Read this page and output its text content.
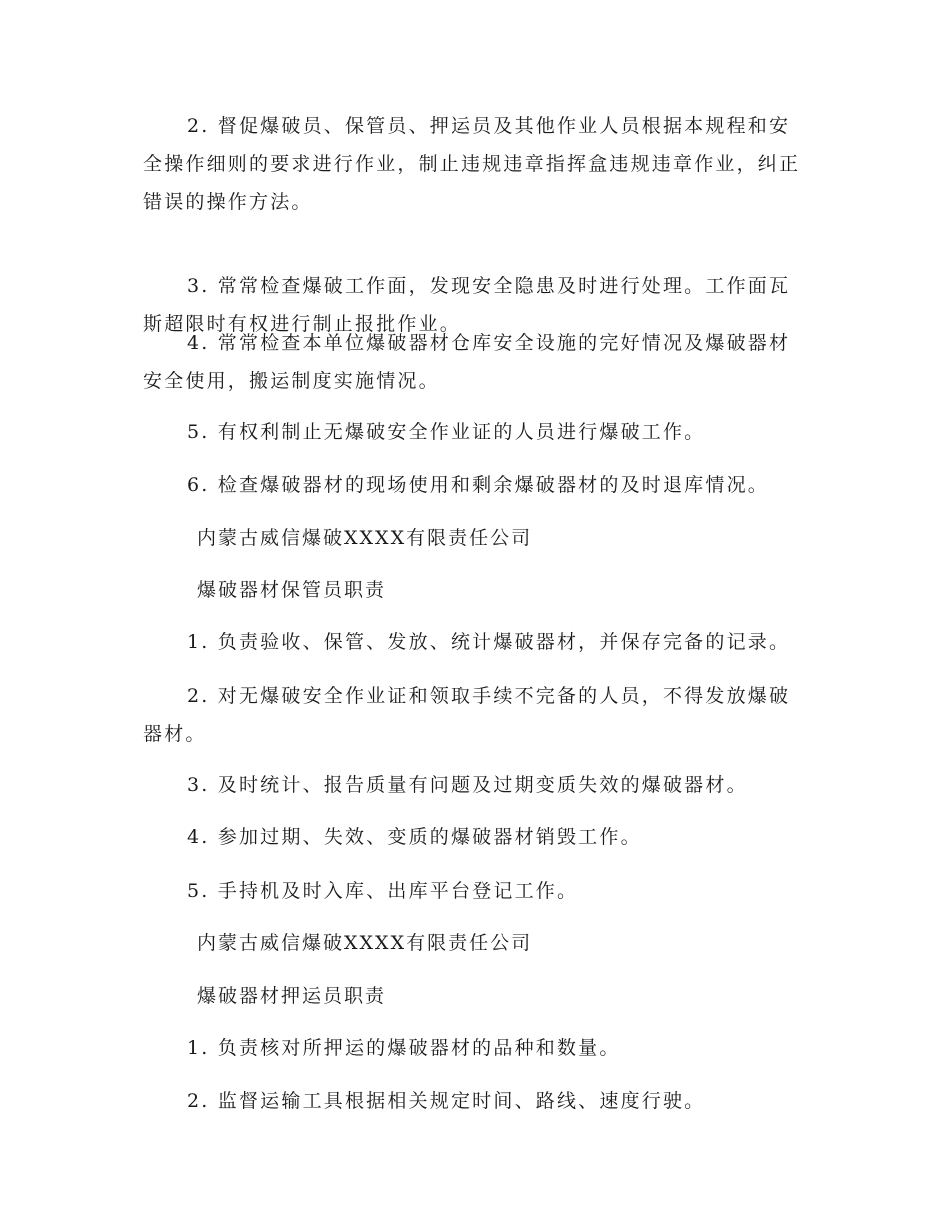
2. 督促爆破员、保管员、押运员及其他作业人员根据本规程和安全操作细则的要求进行作业，制止违规违章指挥盒违规违章作业，纠正错误的操作方法。

3. 常常检查爆破工作面，发现安全隐患及时进行处理。工作面瓦斯超限时有权进行制止报批作业。

4. 常常检查本单位爆破器材仓库安全设施的完好情况及爆破器材安全使用，搬运制度实施情况。

5. 有权利制止无爆破安全作业证的人员进行爆破工作。

6. 检查爆破器材的现场使用和剩余爆破器材的及时退库情况。

内蒙古威信爆破XXXX有限责任公司

爆破器材保管员职责

1. 负责验收、保管、发放、统计爆破器材，并保存完备的记录。

2. 对无爆破安全作业证和领取手续不完备的人员，不得发放爆破器材。

3. 及时统计、报告质量有问题及过期变质失效的爆破器材。

4. 参加过期、失效、变质的爆破器材销毁工作。

5. 手持机及时入库、出库平台登记工作。

内蒙古威信爆破XXXX有限责任公司

爆破器材押运员职责

1. 负责核对所押运的爆破器材的品种和数量。

2. 监督运输工具根据相关规定时间、路线、速度行驶。
